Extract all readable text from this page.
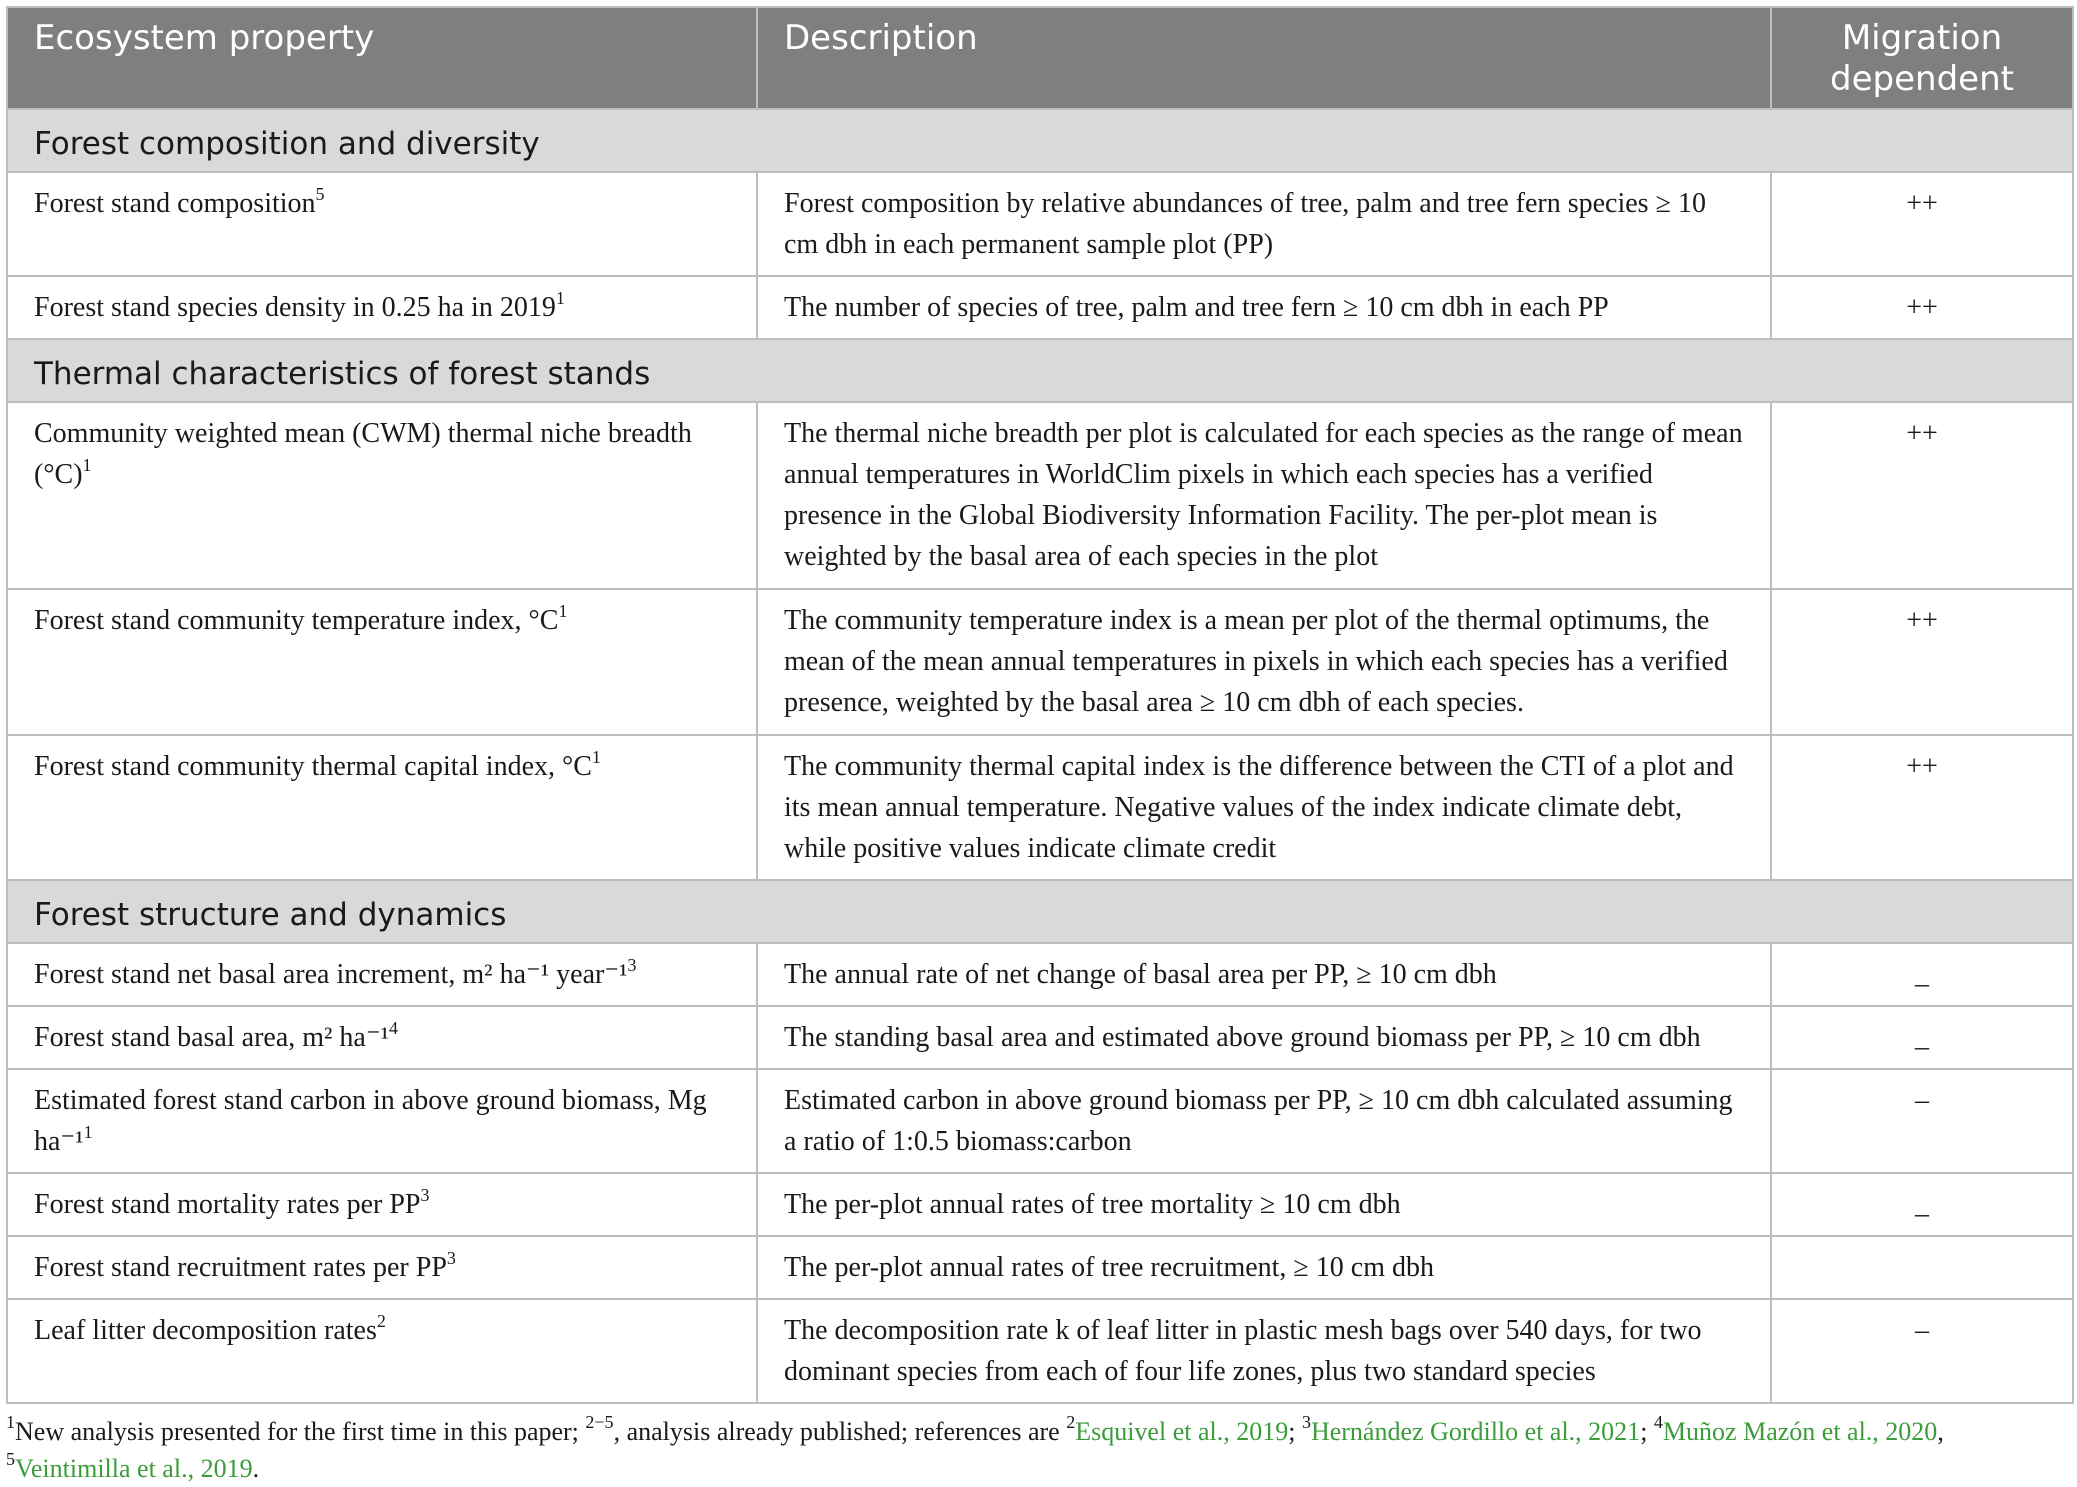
Ecosystem property	Description	Migration
dependent
Forest composition and diversity		
Forest stand composition$^5$	Forest composition by relative abundances of tree, palm and tree fern species ≥ 10 cm dbh in each permanent sample plot (PP)	++
Forest stand species density in 0.25 ha in 2019$^1$	The number of species of tree, palm and tree fern ≥ 10 cm dbh in each PP	++
Thermal characteristics of forest stands		
Community weighted mean (CWM) thermal niche breadth $(^\circ C)^1$	The thermal niche breadth per plot is calculated for each species as the range of mean annual temperatures in WorldClim pixels in which each species has a verified presence in the Global Biodiversity Information Facility. The per-plot mean is weighted by the basal area of each species in the plot	++
Forest stand community temperature index, $^\circ C^1$	The community temperature index is a mean per plot of the thermal optimums, the mean of the mean annual temperatures in pixels in which each species has a verified presence, weighted by the basal area ≥ 10 cm dbh of each species.	++
Forest stand community thermal capital index, $^\circ C^1$	The community thermal capital index is the difference between the CTI of a plot and its mean annual temperature. Negative values of the index indicate climate debt, while positive values indicate climate credit	++
Forest structure and dynamics		
Forest stand net basal area increment, m² ha⁻¹ year⁻¹$^3$	The annual rate of net change of basal area per PP, ≥ 10 cm dbh	_
Forest stand basal area, m² ha⁻¹$^4$	The standing basal area and estimated above ground biomass per PP, ≥ 10 cm dbh	_
Estimated forest stand carbon in above ground biomass, Mg ha⁻¹$^1$	Estimated carbon in above ground biomass per PP, ≥ 10 cm dbh calculated assuming a ratio of 1:0.5 biomass:carbon	–
Forest stand mortality rates per $PP^3$	The per-plot annual rates of tree mortality ≥ 10 cm dbh	_
Forest stand recruitment rates per $PP^3$	The per-plot annual rates of tree recruitment, ≥ 10 cm dbh	
Leaf litter decomposition rates$^2$	The decomposition rate k of leaf litter in plastic mesh bags over 540 days, for two dominant species from each of four life zones, plus two standard species	–
$^1$New analysis presented for the first time in this paper; $^{2-5}$, analysis already published; references are $^2$Esquivel et al., 2019; $^3$Hernández Gordillo et al., 2021; $^4$Muñoz Mazón et al., 2020,
$^5$Veintimilla et al., 2019.
